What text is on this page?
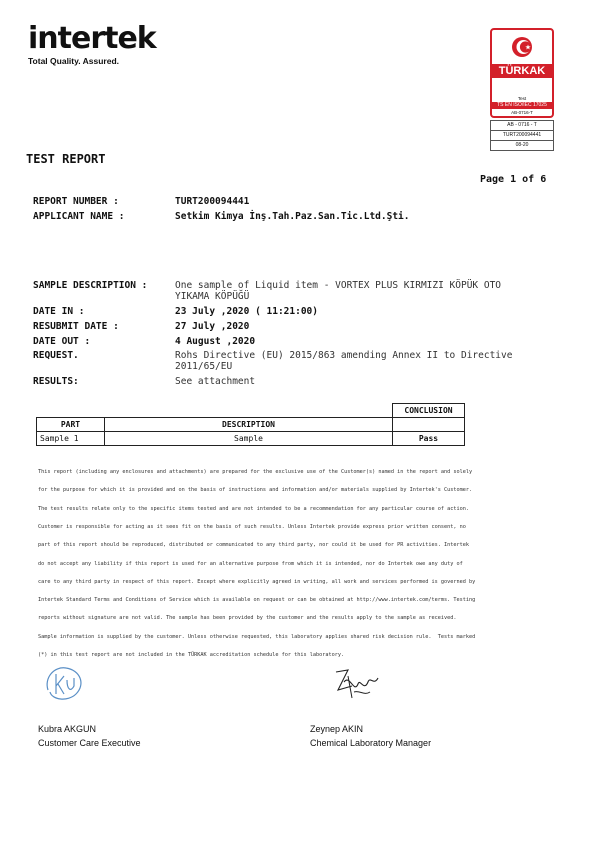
intertek
Total Quality. Assured.
TÜRKAK
Test
TS EN ISO/IEC 17025
AB-0716-T
AB - 0716 - T
TURT200094441
08-20
TEST REPORT
Page 1 of 6
REPORT NUMBER :	TURT200094441
APPLICANT NAME :	Setkim Kimya İnş.Tah.Paz.San.Tic.Ltd.Şti.
SAMPLE DESCRIPTION :	One sample of Liquid item - VORTEX PLUS KIRMIZI KÖPÜK OTO
YIKAMA KÖPÜĞÜ
DATE IN :	23 July ,2020 ( 11:21:00)
RESUBMIT DATE :	27 July ,2020
DATE OUT :	4 August ,2020
REQUEST.	Rohs Directive (EU) 2015/863 amending Annex II to Directive
2011/65/EU
RESULTS:	See attachment
		CONCLUSION
PART	DESCRIPTION	
Sample 1	Sample	Pass

This report (including any enclosures and attachments) are prepared for the exclusive use of the Customer(s) named in the report and solely

for the purpose for which it is provided and on the basis of instructions and information and/or materials supplied by Intertek's Customer.

The test results relate only to the specific items tested and are not intended to be a recommendation for any particular course of action.

Customer is responsible for acting as it sees fit on the basis of such results. Unless Intertek provide express prior written consent, no

part of this report should be reproduced, distributed or communicated to any third party, nor could it be used for PR activities. Intertek

do not accept any liability if this report is used for an alternative purpose from which it is intended, nor do Intertek owe any duty of

care to any third party in respect of this report. Except where explicitly agreed in writing, all work and services performed is governed by

Intertek Standard Terms and Conditions of Service which is available on request or can be obtained at http://www.intertek.com/terms. Testing

reports without signature are not valid. The sample has been provided by the customer and the results apply to the sample as received.

Sample information is supplied by the customer. Unless otherwise requested, this laboratory applies shared risk decision rule.  Tests marked

(*) in this test report are not included in the TÜRKAK accreditation schedule for this laboratory.

Kubra AKGUN
Customer Care Executive
Zeynep AKIN
Chemical Laboratory Manager
